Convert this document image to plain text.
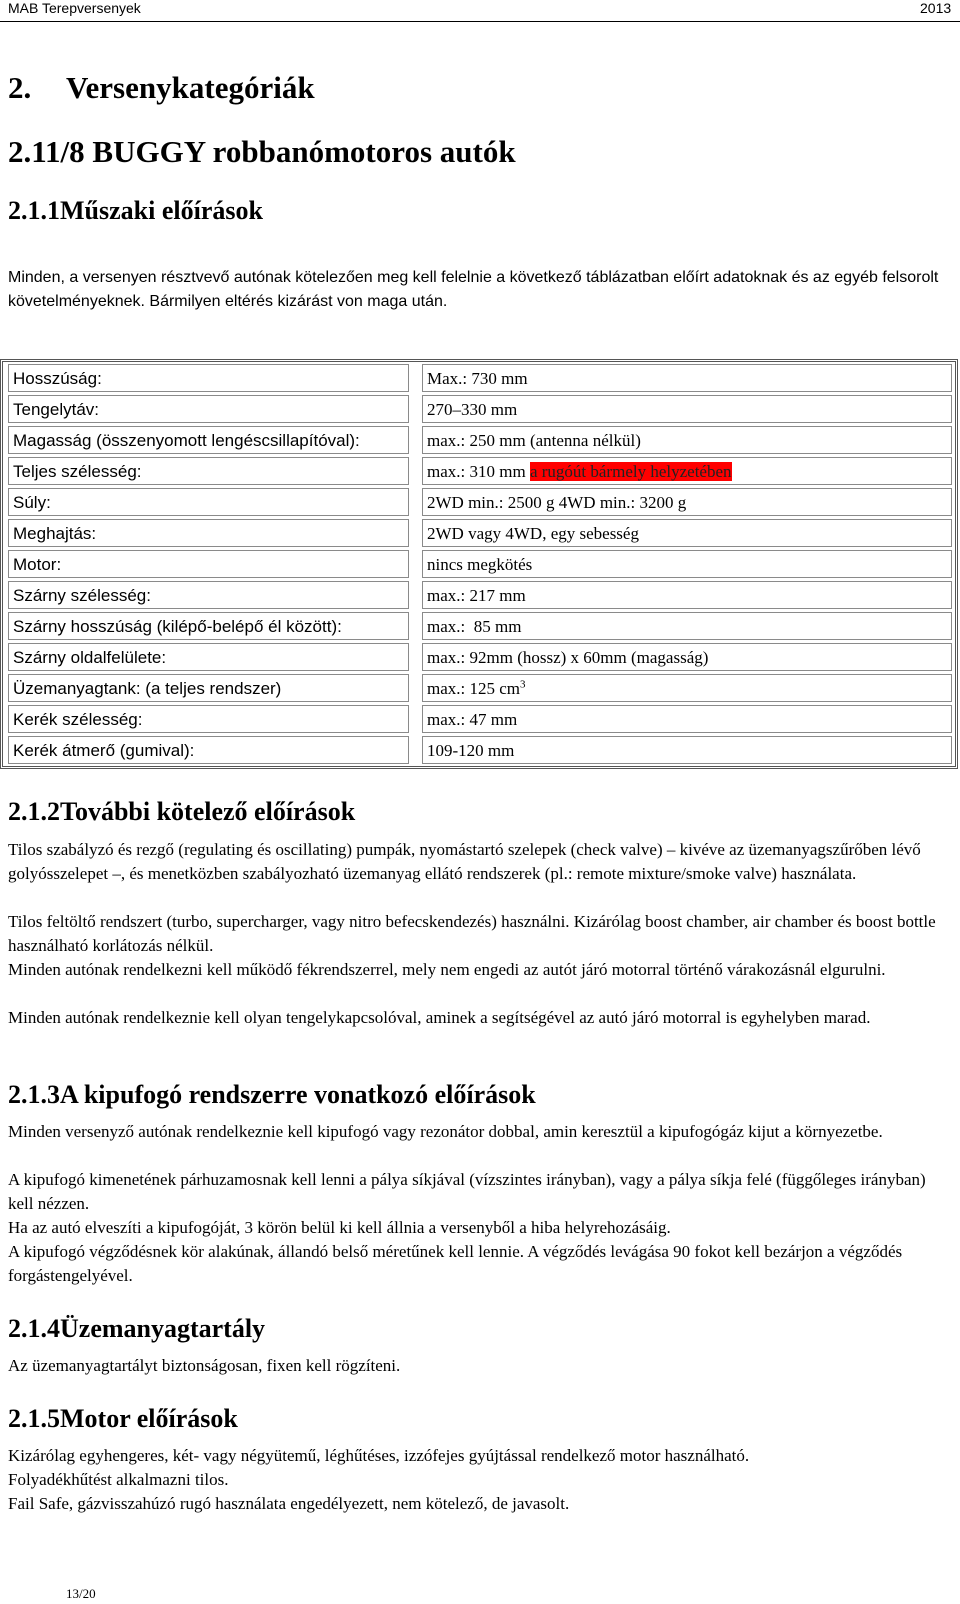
MAB Terepversenyek	2013
2. Versenykategóriák
2.11/8 BUGGY robbanómotoros autók
2.1.1Műszaki előírások
Minden, a versenyen résztvevő autónak kötelezően meg kell felelnie a következő táblázatban előírt adatoknak és az egyéb felsorolt követelményeknek. Bármilyen eltérés kizárást von maga után.
Hosszúság:	Max.: 730 mm
Tengelytáv:	270–330 mm
Magasság (összenyomott lengéscsillapítóval):	max.: 250 mm (antenna nélkül)
Teljes szélesség:	max.: 310 mm a rugóút bármely helyzetében
Súly:	2WD min.: 2500 g 4WD min.: 3200 g
Meghajtás:	2WD vagy 4WD, egy sebesség
Motor:	nincs megkötés
Szárny szélesség:	max.: 217 mm
Szárny hosszúság (kilépő-belépő él között):	max.:  85 mm
Szárny oldalfelülete:	max.: 92mm (hossz) x 60mm (magasság)
Üzemanyagtank: (a teljes rendszer)	max.: 125 $cm^3$
Kerék szélesség:	max.: 47 mm
Kerék átmerő (gumival):	109-120 mm
2.1.2További kötelező előírások
Tilos szabályzó és rezgő (regulating és oscillating) pumpák, nyomástartó szelepek (check valve) – kivéve az üzemanyagszűrőben lévő golyósszelepet –, és menetközben szabályozható üzemanyag ellátó rendszerek (pl.: remote mixture/smoke valve) használata.
Tilos feltöltő rendszert (turbo, supercharger, vagy nitro befecskendezés) használni. Kizárólag boost chamber, air chamber és boost bottle használható korlátozás nélkül.
Minden autónak rendelkezni kell működő fékrendszerrel, mely nem engedi az autót járó motorral történő várakozásnál elgurulni.
Minden autónak rendelkeznie kell olyan tengelykapcsolóval, aminek a segítségével az autó járó motorral is egyhelyben marad.
2.1.3A kipufogó rendszerre vonatkozó előírások
Minden versenyző autónak rendelkeznie kell kipufogó vagy rezonátor dobbal, amin keresztül a kipufogógáz kijut a környezetbe.
A kipufogó kimenetének párhuzamosnak kell lenni a pálya síkjával (vízszintes irányban), vagy a pálya síkja felé (függőleges irányban) kell nézzen.
Ha az autó elveszíti a kipufogóját, 3 körön belül ki kell állnia a versenyből a hiba helyrehozásáig.
A kipufogó végződésnek kör alakúnak, állandó belső méretűnek kell lennie. A végződés levágása 90 fokot kell bezárjon a végződés forgástengelyével.
2.1.4Üzemanyagtartály
Az üzemanyagtartályt biztonságosan, fixen kell rögzíteni.
2.1.5Motor előírások
Kizárólag egyhengeres, két- vagy négyütemű, léghűtéses, izzófejes gyújtással rendelkező motor használható.
Folyadékhűtést alkalmazni tilos.
Fail Safe, gázvisszahúzó rugó használata engedélyezett, nem kötelező, de javasolt.
13/20
